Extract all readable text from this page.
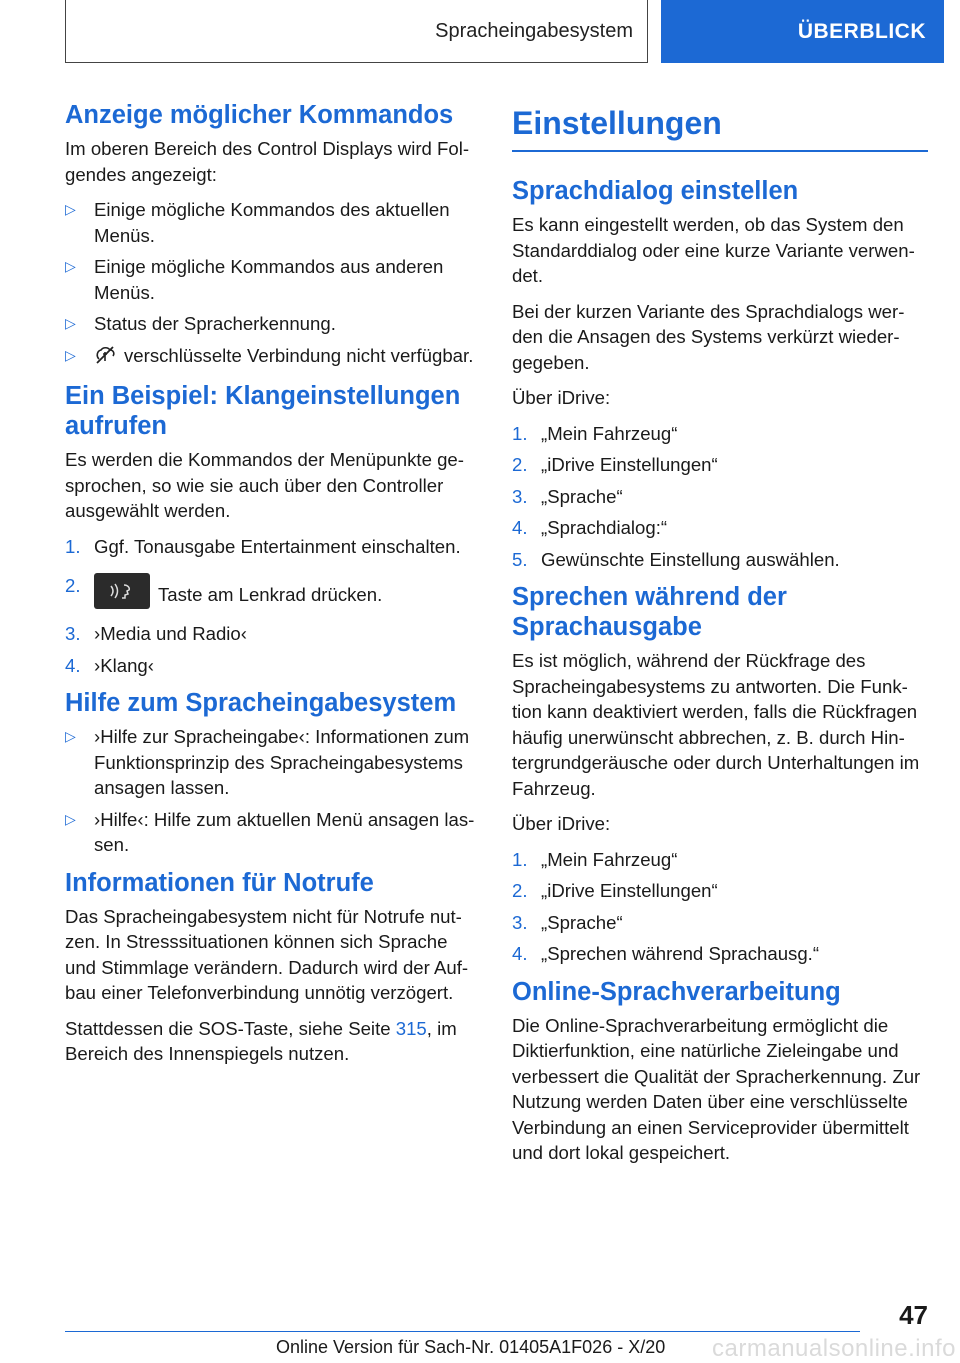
Spracheingabesystem	ÜBERBLICK
Anzeige möglicher Kommandos

Im oberen Bereich des Control Displays wird Folgendes angezeigt:

▷ Einige mögliche Kommandos des aktuellen Menüs.
▷ Einige mögliche Kommandos aus anderen Menüs.
▷ Status der Spracherkennung.
▷	verschlüsselte Verbindung nicht verfügbar.
Ein Beispiel: Klangeinstellungen aufrufen

Es werden die Kommandos der Menüpunkte gesprochen, so wie sie auch über den Controller ausgewählt werden.

1. Ggf. Tonausgabe Entertainment einschalten.
2.	Taste am Lenkrad drücken.
3. ›Media und Radio‹
4. ›Klang‹
Hilfe zum Spracheingabesystem
▷ ›Hilfe zur Spracheingabe‹: Informationen zum Funktionsprinzip des Spracheingabesystems ansagen lassen.
▷ ›Hilfe‹: Hilfe zum aktuellen Menü ansagen lassen.
Informationen für Notrufe

Das Spracheingabesystem nicht für Notrufe nutzen. In Stresssituationen können sich Sprache und Stimmlage verändern. Dadurch wird der Aufbau einer Telefonverbindung unnötig verzögert.

Stattdessen die SOS-Taste, siehe Seite 315, im Bereich des Innenspiegels nutzen.

Einstellungen
Sprachdialog einstellen

Es kann eingestellt werden, ob das System den Standarddialog oder eine kurze Variante verwendet.

Bei der kurzen Variante des Sprachdialogs werden die Ansagen des Systems verkürzt wiedergegeben.

Über iDrive:

1. „Mein Fahrzeug“
2. „iDrive Einstellungen“
3. „Sprache“
4. „Sprachdialog:“
5. Gewünschte Einstellung auswählen.
Sprechen während der Sprachausgabe

Es ist möglich, während der Rückfrage des Spracheingabesystems zu antworten. Die Funktion kann deaktiviert werden, falls die Rückfragen häufig unerwünscht abbrechen, z. B. durch Hintergrundgeräusche oder durch Unterhaltungen im Fahrzeug.

Über iDrive:

1. „Mein Fahrzeug“
2. „iDrive Einstellungen“
3. „Sprache“
4. „Sprechen während Sprachausg.“
Online-Sprachverarbeitung

Die Online-Sprachverarbeitung ermöglicht die Diktierfunktion, eine natürliche Zieleingabe und verbessert die Qualität der Spracherkennung. Zur Nutzung werden Daten über eine verschlüsselte Verbindung an einen Serviceprovider übermittelt und dort lokal gespeichert.

47
Online Version für Sach-Nr. 01405A1F026 - X/20 carmanualsonline.info
